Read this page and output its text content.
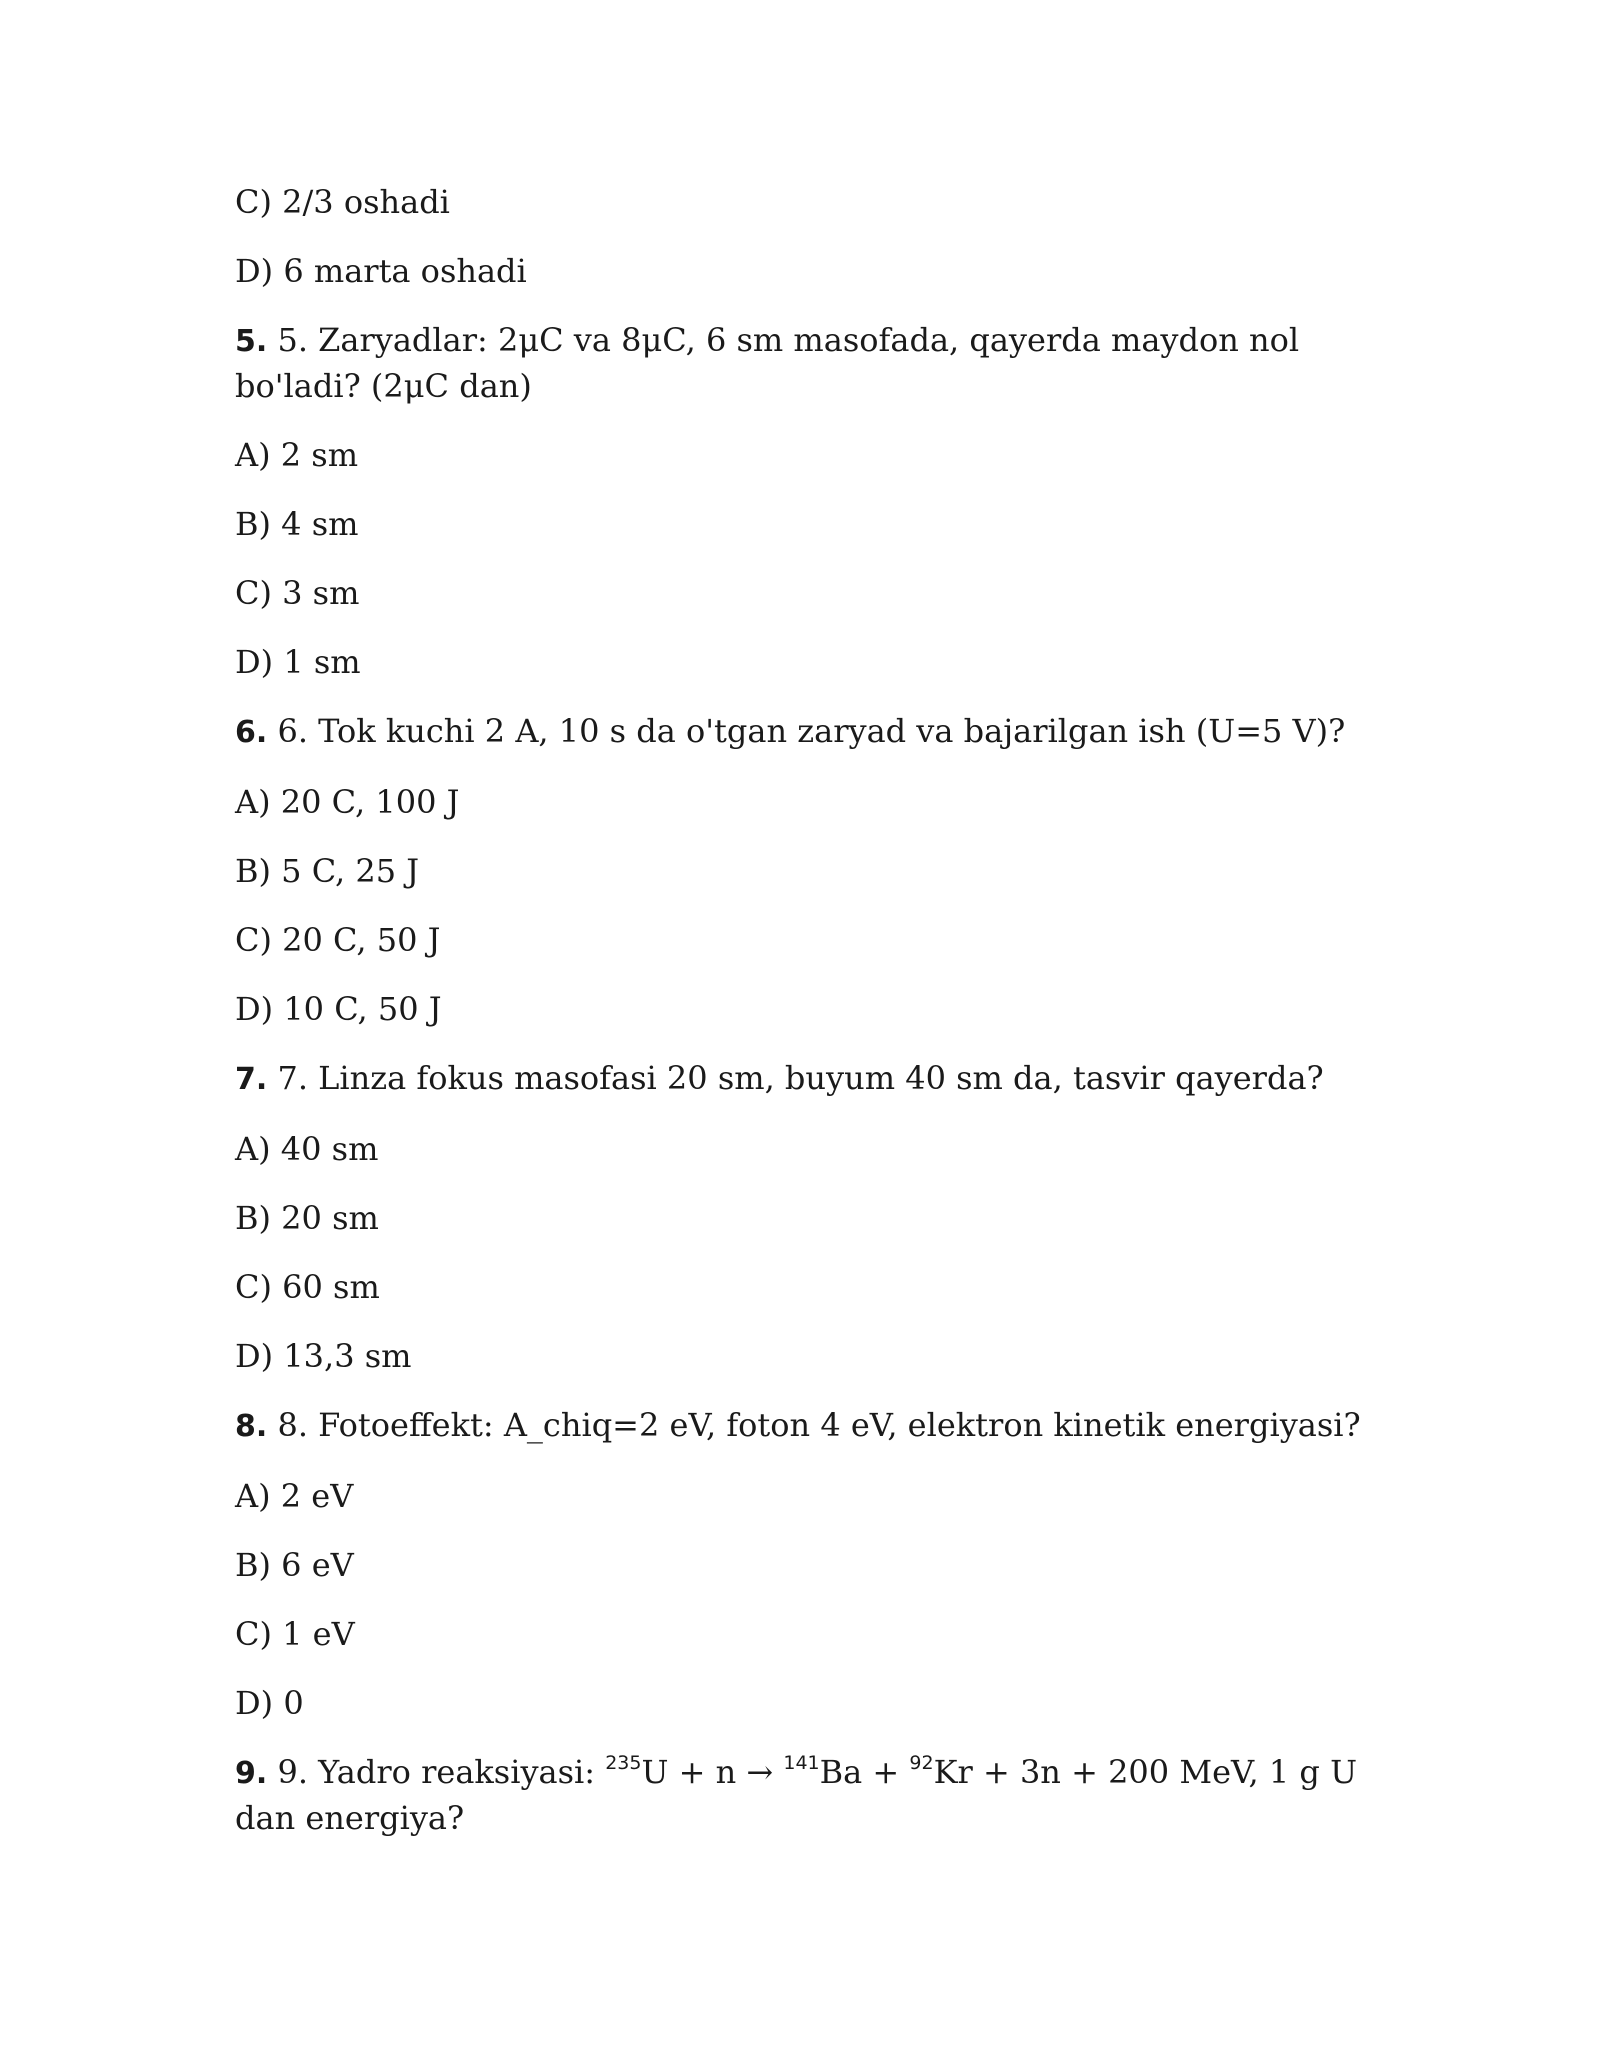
C) 2/3 oshadi

D) 6 marta oshadi

5. 5. Zaryadlar: 2μC va 8μC, 6 sm masofada, qayerda maydon nol bo'ladi? (2μC dan)

A) 2 sm

B) 4 sm

C) 3 sm

D) 1 sm

6. 6. Tok kuchi 2 A, 10 s da o'tgan zaryad va bajarilgan ish (U=5 V)?

A) 20 C, 100 J

B) 5 C, 25 J

C) 20 C, 50 J

D) 10 C, 50 J

7. 7. Linza fokus masofasi 20 sm, buyum 40 sm da, tasvir qayerda?

A) 40 sm

B) 20 sm

C) 60 sm

D) 13,3 sm

8. 8. Fotoeffekt: A_chiq=2 eV, foton 4 eV, elektron kinetik energiyasi?

A) 2 eV

B) 6 eV

C) 1 eV

D) 0

9. 9. Yadro reaksiyasi: $^{235}$U + n → $^{141}$Ba + $^{92}$Kr + 3n + 200 MeV, 1 g U dan energiya?
